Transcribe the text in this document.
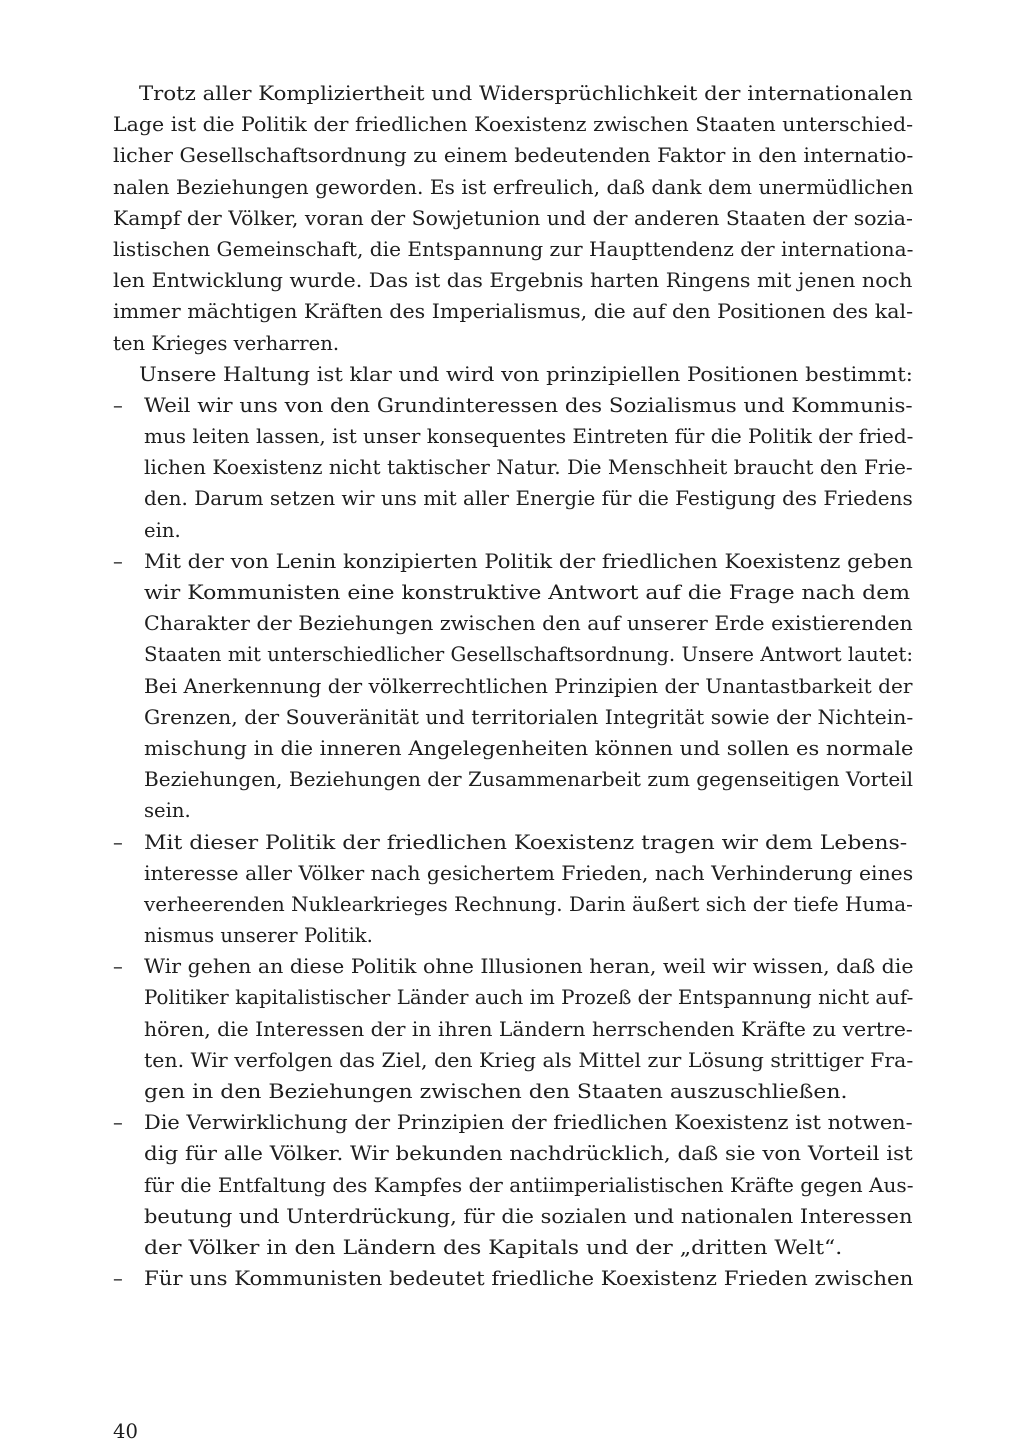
Trotz aller Kompliziertheit und Widersprüchlichkeit der internationalen
Lage ist die Politik der friedlichen Koexistenz zwischen Staaten unterschied-
licher Gesellschaftsordnung zu einem bedeutenden Faktor in den internatio-
nalen Beziehungen geworden. Es ist erfreulich, daß dank dem unermüdlichen
Kampf der Völker, voran der Sowjetunion und der anderen Staaten der sozia-
listischen Gemeinschaft, die Entspannung zur Haupttendenz der internationa-
len Entwicklung wurde. Das ist das Ergebnis harten Ringens mit jenen noch
immer mächtigen Kräften des Imperialismus, die auf den Positionen des kal-
ten Krieges verharren.
Unsere Haltung ist klar und wird von prinzipiellen Positionen bestimmt:
– Weil wir uns von den Grundinteressen des Sozialismus und Kommunis-
mus leiten lassen, ist unser konsequentes Eintreten für die Politik der fried-
lichen Koexistenz nicht taktischer Natur. Die Menschheit braucht den Frie-
den. Darum setzen wir uns mit aller Energie für die Festigung des Friedens
ein.
– Mit der von Lenin konzipierten Politik der friedlichen Koexistenz geben
wir Kommunisten eine konstruktive Antwort auf die Frage nach dem
Charakter der Beziehungen zwischen den auf unserer Erde existierenden
Staaten mit unterschiedlicher Gesellschaftsordnung. Unsere Antwort lautet:
Bei Anerkennung der völkerrechtlichen Prinzipien der Unantastbarkeit der
Grenzen, der Souveränität und territorialen Integrität sowie der Nichtein-
mischung in die inneren Angelegenheiten können und sollen es normale
Beziehungen, Beziehungen der Zusammenarbeit zum gegenseitigen Vorteil
sein.
– Mit dieser Politik der friedlichen Koexistenz tragen wir dem Lebens-
interesse aller Völker nach gesichertem Frieden, nach Verhinderung eines
verheerenden Nuklearkrieges Rechnung. Darin äußert sich der tiefe Huma-
nismus unserer Politik.
– Wir gehen an diese Politik ohne Illusionen heran, weil wir wissen, daß die
Politiker kapitalistischer Länder auch im Prozeß der Entspannung nicht auf-
hören, die Interessen der in ihren Ländern herrschenden Kräfte zu vertre-
ten. Wir verfolgen das Ziel, den Krieg als Mittel zur Lösung strittiger Fra-
gen in den Beziehungen zwischen den Staaten auszuschließen.
– Die Verwirklichung der Prinzipien der friedlichen Koexistenz ist notwen-
dig für alle Völker. Wir bekunden nachdrücklich, daß sie von Vorteil ist
für die Entfaltung des Kampfes der antiimperialistischen Kräfte gegen Aus-
beutung und Unterdrückung, für die sozialen und nationalen Interessen
der Völker in den Ländern des Kapitals und der „dritten Welt“.
– Für uns Kommunisten bedeutet friedliche Koexistenz Frieden zwischen
40
